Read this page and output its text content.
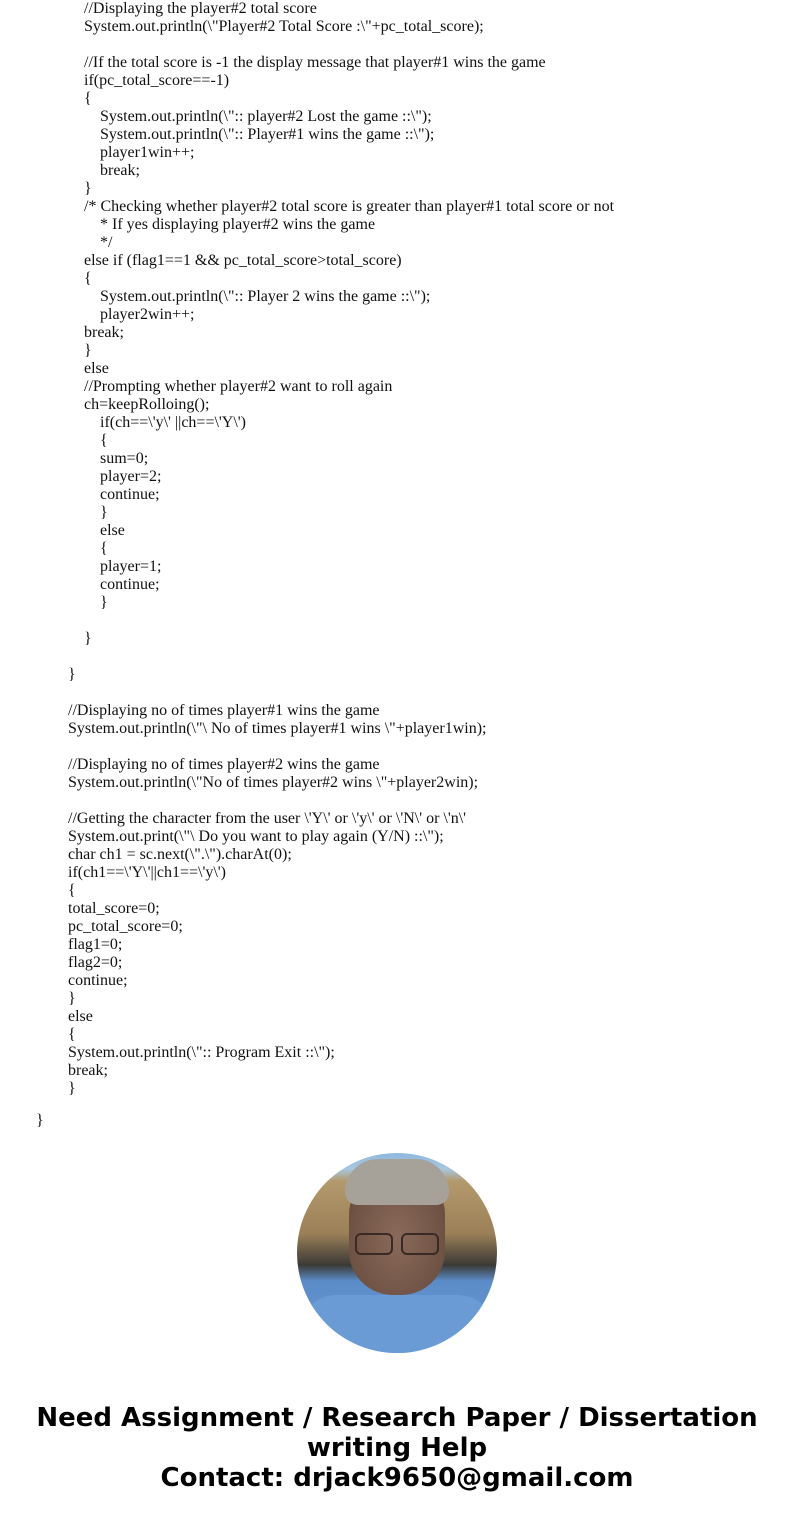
//Displaying the player#2 total score
System.out.println(\"Player#2 Total Score :\"+pc_total_score);
//If the total score is -1 the display message that player#1 wins the game
if(pc_total_score==-1)
{
System.out.println(\":: player#2 Lost the game ::\");
System.out.println(\":: Player#1 wins the game ::\");
player1win++;
break;
}
/* Checking whether player#2 total score is greater than player#1 total score or not
* If yes displaying player#2 wins the game
*/
else if (flag1==1 && pc_total_score>total_score)
{
System.out.println(\":: Player 2 wins the game ::\");
player2win++;
break;
}
else
//Prompting whether player#2 want to roll again
ch=keepRolloing();
if(ch==\'y\' ||ch==\'Y\')
{
sum=0;
player=2;
continue;
}
else
{
player=1;
continue;
}
}
}
//Displaying no of times player#1 wins the game
System.out.println(\"\ No of times player#1 wins \"+player1win);
//Displaying no of times player#2 wins the game
System.out.println(\"No of times player#2 wins \"+player2win);
//Getting the character from the user \'Y\' or \'y\' or \'N\' or \'n\'
System.out.print(\"\ Do you want to play again (Y/N) ::\");
char ch1 = sc.next(\".\").charAt(0);
if(ch1==\'Y\'||ch1==\'y\')
{
total_score=0;
pc_total_score=0;
flag1=0;
flag2=0;
continue;
}
else
{
System.out.println(\":: Program Exit ::\");
break;
}
}
Need Assignment / Research Paper / Dissertation
writing Help
Contact: drjack9650@gmail.com
